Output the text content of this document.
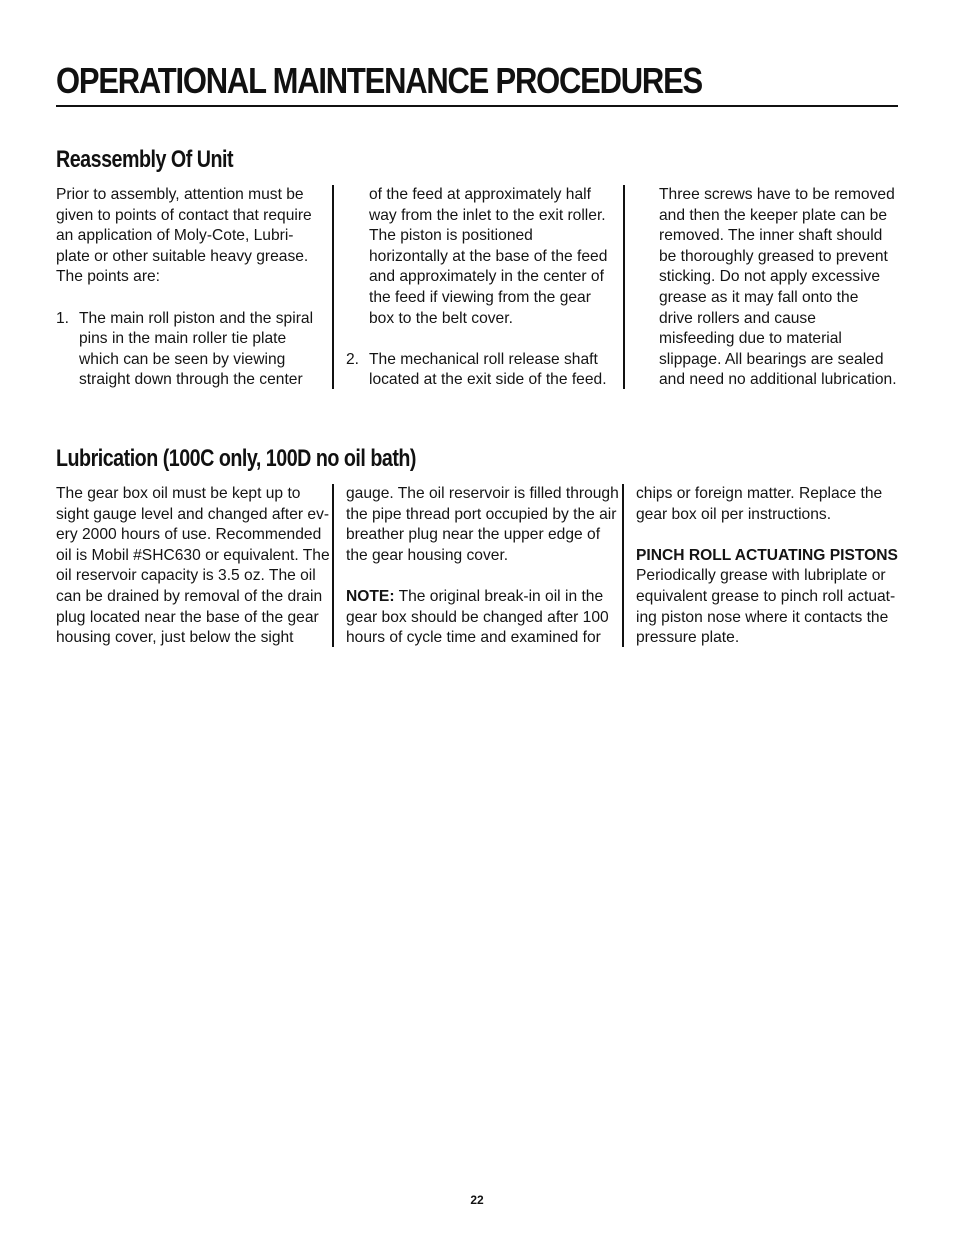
OPERATIONAL MAINTENANCE PROCEDURES
Reassembly Of Unit

Prior to assembly, attention must be

given to points of contact that require

an application of Moly-Cote, Lubri-

plate or other suitable heavy grease.

The points are:

1. The main roll piston and the spiral

pins in the main roller tie plate

which can be seen by viewing

straight down through the center

of the feed at approximately half

way from the inlet to the exit roller.

The piston is positioned

horizontally at the base of the feed

and approximately in the center of

the feed if viewing from the gear

box to the belt cover.

2. The mechanical roll release shaft

located at the exit side of the feed.

Three screws have to be removed

and then the keeper plate can be

removed. The inner shaft should

be thoroughly greased to prevent

sticking. Do not apply excessive

grease as it may fall onto the

drive rollers and cause

misfeeding due to material

slippage. All bearings are sealed

and need no additional lubrication.

Lubrication (100C only, 100D no oil bath)

The gear box oil must be kept up to

sight gauge level and changed after ev-

ery 2000 hours of use. Recommended

oil is Mobil #SHC630 or equivalent. The

oil reservoir capacity is 3.5 oz. The oil

can be drained by removal of the drain

plug located near the base of the gear

housing cover, just below the sight

gauge. The oil reservoir is filled through

the pipe thread port occupied by the air

breather plug near the upper edge of

the gear housing cover.

NOTE: The original break-in oil in the

gear box should be changed after 100

hours of cycle time and examined for

chips or foreign matter. Replace the

gear box oil per instructions.

PINCH ROLL ACTUATING PISTONS

Periodically grease with lubriplate or

equivalent grease to pinch roll actuat-

ing piston nose where it contacts the

pressure plate.

22
